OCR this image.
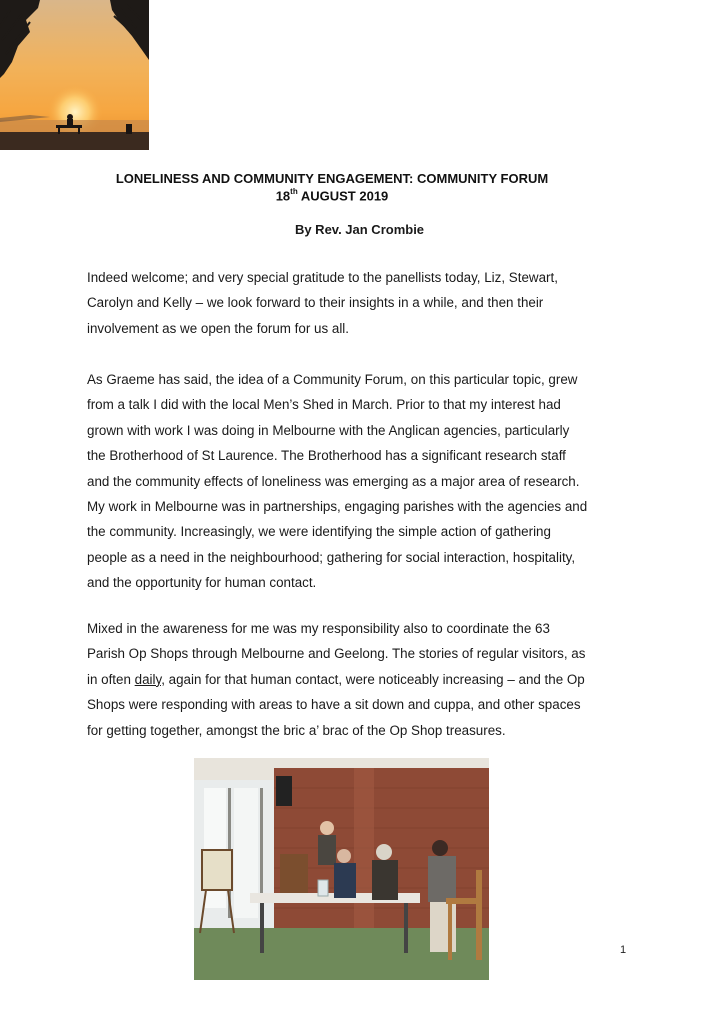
LONELINESS AND COMMUNITY ENGAGEMENT: COMMUNITY FORUM
18th AUGUST 2019
By Rev. Jan Crombie
Indeed welcome; and very special gratitude to the panellists today, Liz, Stewart,
Carolyn and Kelly – we look forward to their insights in a while, and then their
involvement as we open the forum for us all.
As Graeme has said, the idea of a Community Forum, on this particular topic, grew
from a talk I did with the local Men’s Shed in March. Prior to that my interest had
grown with work I was doing in Melbourne with the Anglican agencies, particularly
the Brotherhood of St Laurence. The Brotherhood has a significant research staff
and the community effects of loneliness was emerging as a major area of research.
My work in Melbourne was in partnerships, engaging parishes with the agencies and
the community. Increasingly, we were identifying the simple action of gathering
people as a need in the neighbourhood; gathering for social interaction, hospitality,
and the opportunity for human contact.
Mixed in the awareness for me was my responsibility also to coordinate the 63
Parish Op Shops through Melbourne and Geelong. The stories of regular visitors, as
in often daily, again for that human contact, were noticeably increasing – and the Op
Shops were responding with areas to have a sit down and cuppa, and other spaces
for getting together, amongst the bric a’ brac of the Op Shop treasures.
1
